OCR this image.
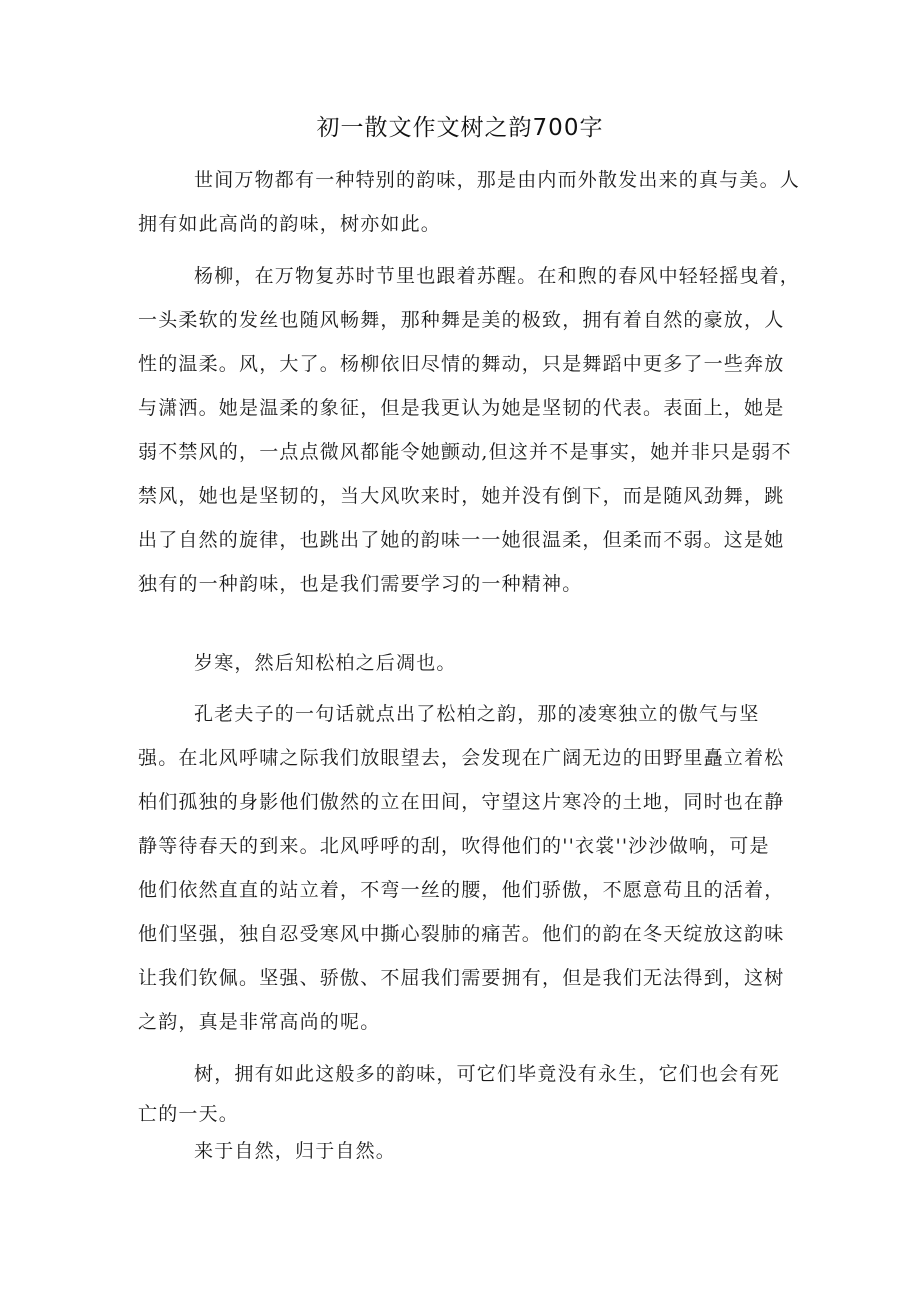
初一散文作文树之韵700字
世间万物都有一种特别的韵味，那是由内而外散发出来的真与美。人
拥有如此高尚的韵味，树亦如此。
杨柳，在万物复苏时节里也跟着苏醒。在和煦的春风中轻轻摇曳着，
一头柔软的发丝也随风畅舞，那种舞是美的极致，拥有着自然的豪放，人
性的温柔。风，大了。杨柳依旧尽情的舞动，只是舞蹈中更多了一些奔放
与潇洒。她是温柔的象征，但是我更认为她是坚韧的代表。表面上，她是
弱不禁风的，一点点微风都能令她颤动,但这并不是事实，她并非只是弱不
禁风，她也是坚韧的，当大风吹来时，她并没有倒下，而是随风劲舞，跳
出了自然的旋律，也跳出了她的韵味一一她很温柔，但柔而不弱。这是她
独有的一种韵味，也是我们需要学习的一种精神。
岁寒，然后知松柏之后凋也。
孔老夫子的一句话就点出了松柏之韵，那的凌寒独立的傲气与坚
强。在北风呼啸之际我们放眼望去，会发现在广阔无边的田野里矗立着松
柏们孤独的身影他们傲然的立在田间，守望这片寒冷的土地，同时也在静
静等待春天的到来。北风呼呼的刮，吹得他们的''衣裳''沙沙做响，可是
他们依然直直的站立着，不弯一丝的腰，他们骄傲，不愿意苟且的活着，
他们坚强，独自忍受寒风中撕心裂肺的痛苦。他们的韵在冬天绽放这韵味
让我们钦佩。坚强、骄傲、不屈我们需要拥有，但是我们无法得到，这树
之韵，真是非常高尚的呢。
树，拥有如此这般多的韵味，可它们毕竟没有永生，它们也会有死
亡的一天。
来于自然，归于自然。
